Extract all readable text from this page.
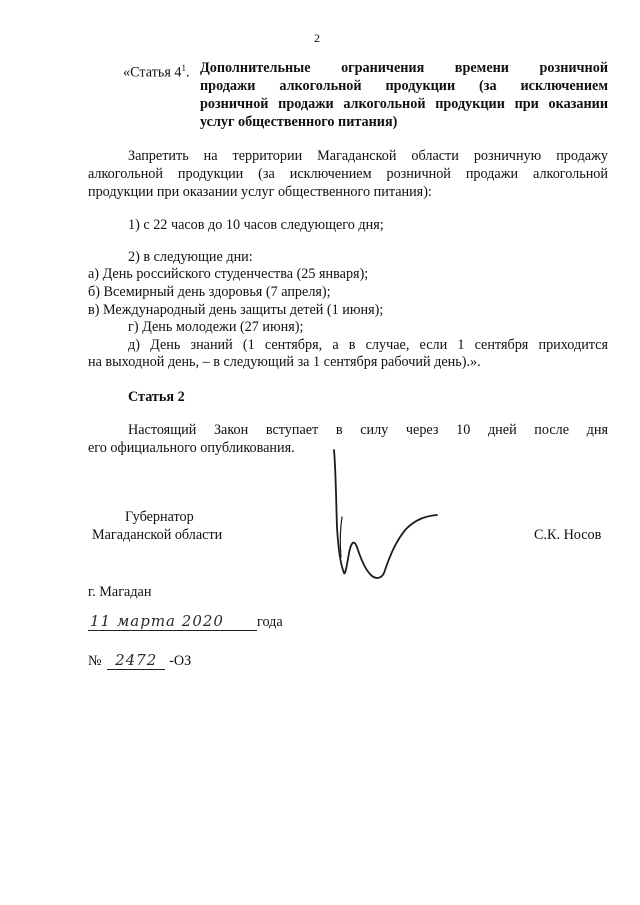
2
«Статья $4^1$. Дополнительные ограничения времени розничной
продажи алкогольной продукции (за исключением
розничной продажи алкогольной продукции при оказании
услуг общественного питания)
Запретить на территории Магаданской области розничную продажу
алкогольной продукции (за исключением розничной продажи алкогольной
продукции при оказании услуг общественного питания):
1) с 22 часов до 10 часов следующего дня;
2) в следующие дни:
а) День российского студенчества (25 января);
б) Всемирный день здоровья (7 апреля);
в) Международный день защиты детей (1 июня);
г) День молодежи (27 июня);
д) День знаний (1 сентября, а в случае, если 1 сентября приходится
на выходной день, – в следующий за 1 сентября рабочий день).».
Статья 2
Настоящий Закон вступает в силу через 10 дней после дня
его официального опубликования.
Губернатор
Магаданской области	С.К. Носов
г. Магадан
11 марта 2020 года
№ 2472 -ОЗ
